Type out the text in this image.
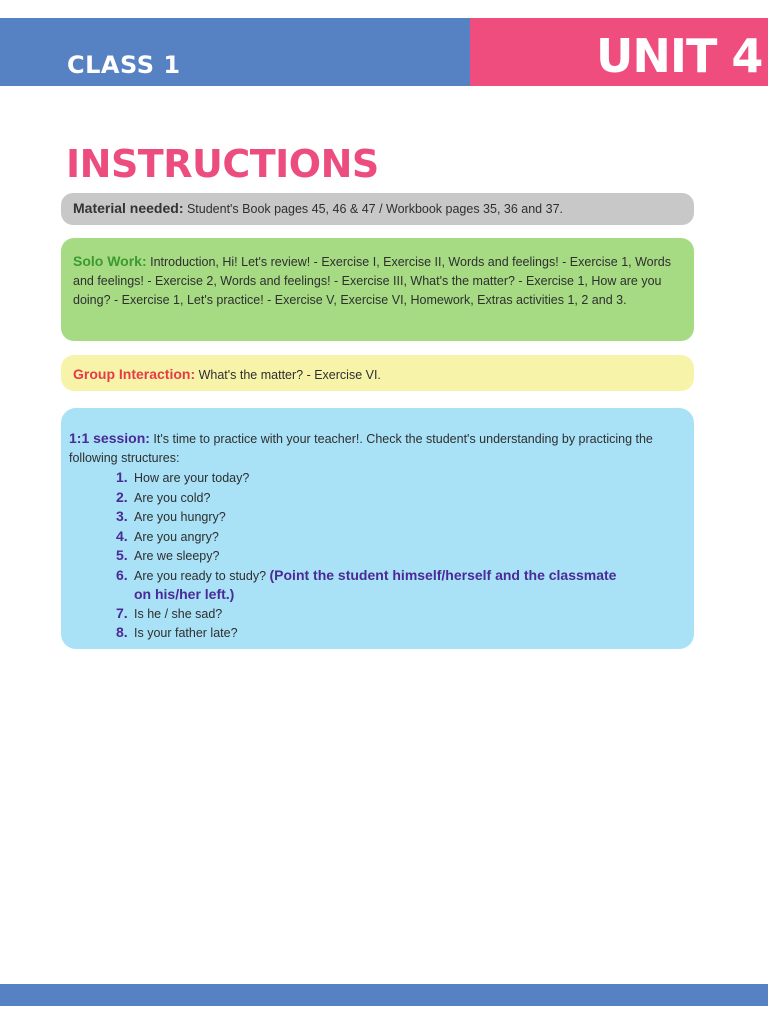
CLASS 1	UNIT 4
INSTRUCTIONS
Material needed: Student's Book pages 45, 46 & 47 / Workbook pages 35, 36 and 37.
Solo Work: Introduction, Hi! Let's review! - Exercise I, Exercise II, Words and feelings! - Exercise 1, Words and feelings! - Exercise 2, Words and feelings! - Exercise III, What's the matter? - Exercise 1, How are you doing? - Exercise 1, Let's practice! - Exercise V, Exercise VI, Homework, Extras activities 1, 2 and 3.
Group Interaction: What's the matter? - Exercise VI.
1:1 session: It's time to practice with your teacher!. Check the student's understanding by practicing the following structures:
1. How are your today?
2. Are you cold?
3. Are you hungry?
4. Are you angry?
5. Are we sleepy?
6. Are you ready to study? (Point the student himself/herself and the classmate
on his/her left.)
7. Is he / she sad?
8. Is your father late?
